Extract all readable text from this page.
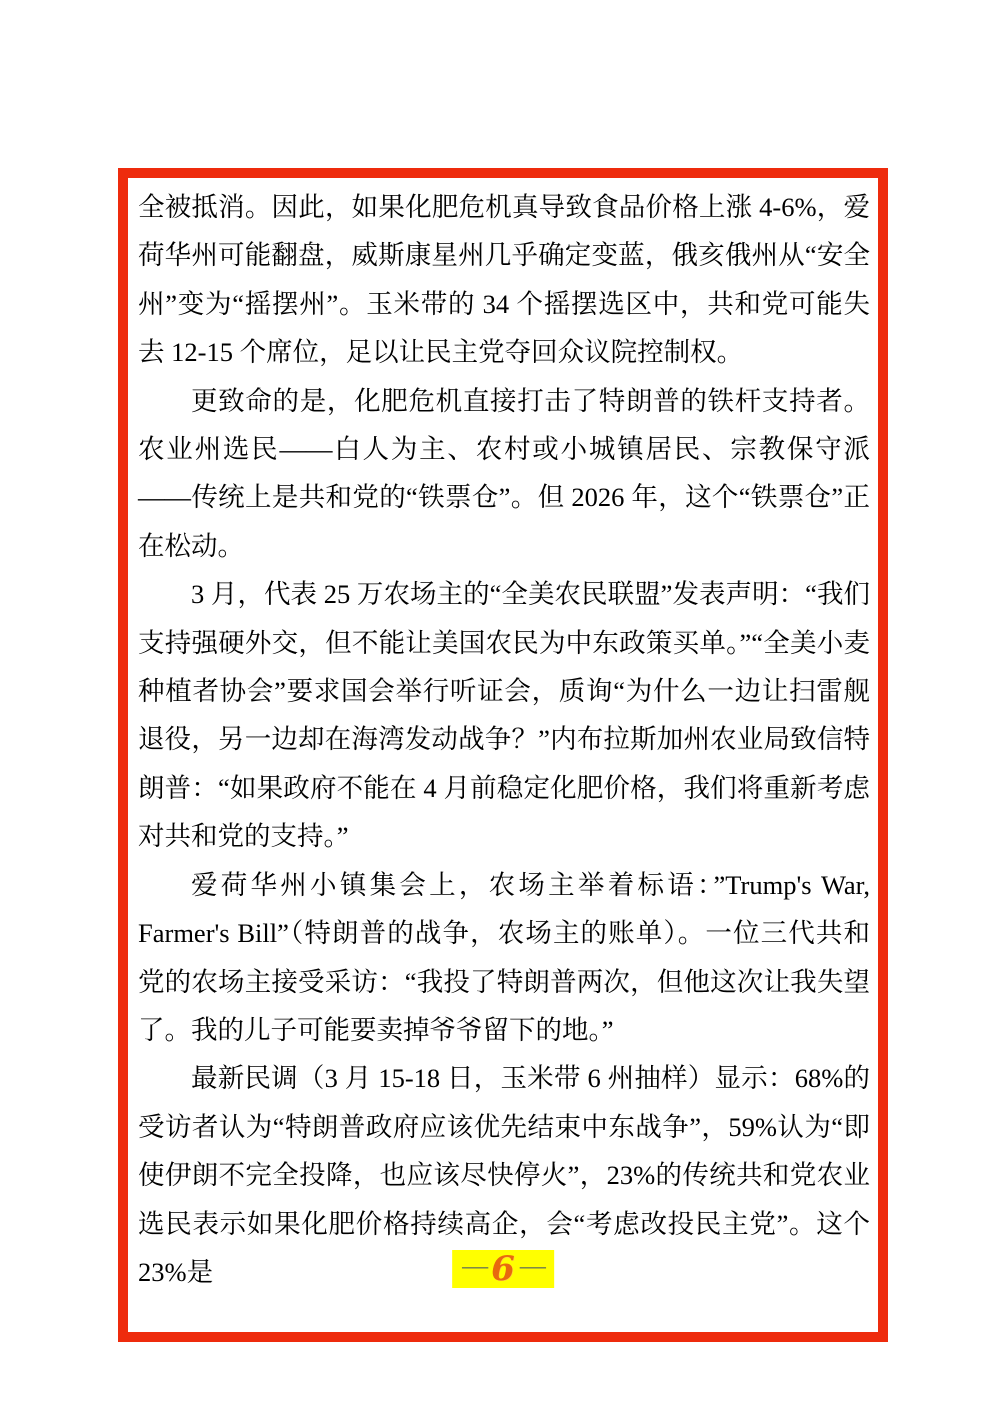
全被抵消。因此，如果化肥危机真导致食品价格上涨 4-6%，爱荷华州可能翻盘，威斯康星州几乎确定变蓝，俄亥俄州从“安全州”变为“摇摆州”。玉米带的 34 个摇摆选区中，共和党可能失去 12-15 个席位，足以让民主党夺回众议院控制权。

更致命的是，化肥危机直接打击了特朗普的铁杆支持者。农业州选民——白人为主、农村或小城镇居民、宗教保守派——传统上是共和党的“铁票仓”。但 2026 年，这个“铁票仓”正在松动。

3 月，代表 25 万农场主的“全美农民联盟”发表声明：“我们支持强硬外交，但不能让美国农民为中东政策买单。”“全美小麦种植者协会”要求国会举行听证会，质询“为什么一边让扫雷舰退役，另一边却在海湾发动战争？”内布拉斯加州农业局致信特朗普：“如果政府不能在 4 月前稳定化肥价格，我们将重新考虑对共和党的支持。”

爱荷华州小镇集会上，农场主举着标语：”Trump's War, Farmer's Bill”（特朗普的战争，农场主的账单）。一位三代共和党的农场主接受采访：“我投了特朗普两次，但他这次让我失望了。我的儿子可能要卖掉爷爷留下的地。”

最新民调（3 月 15-18 日，玉米带 6 州抽样）显示：68%的受访者认为“特朗普政府应该优先结束中东战争”，59%认为“即使伊朗不完全投降，也应该尽快停火”，23%的传统共和党农业选民表示如果化肥价格持续高企，会“考虑改投民主党”。这个 23%是	— 6 —
